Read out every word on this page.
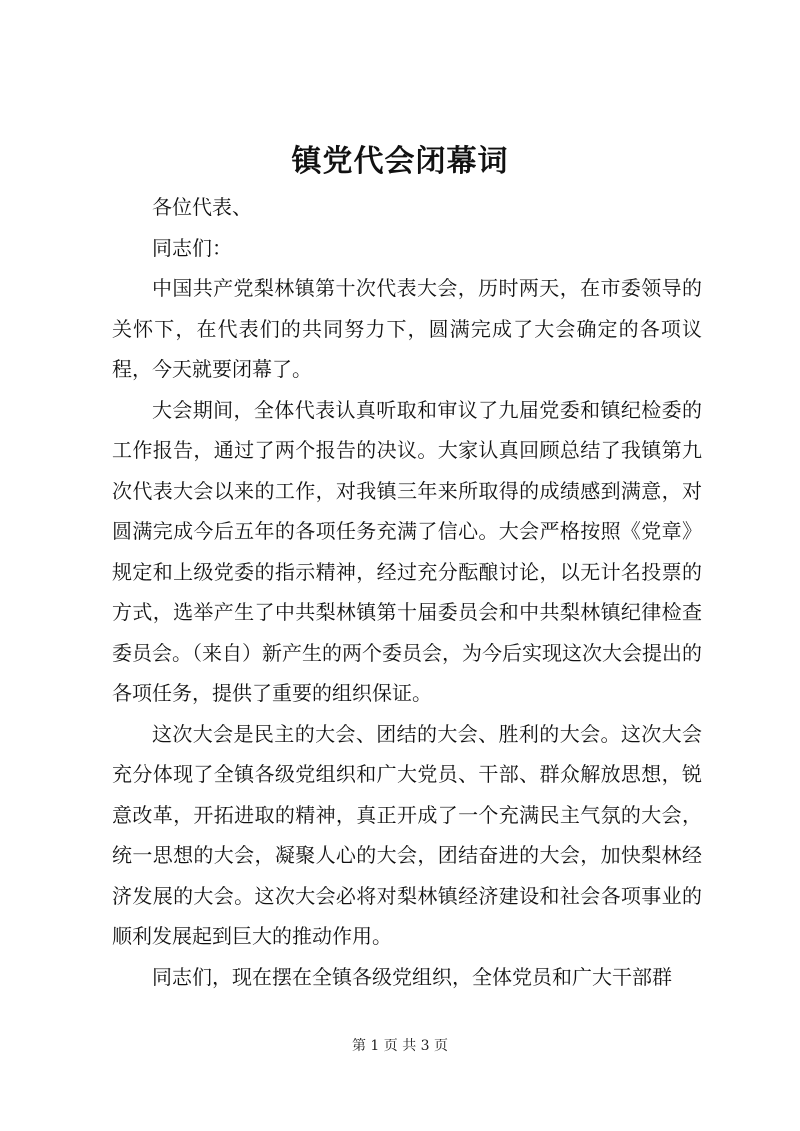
镇党代会闭幕词

各位代表、

同志们：

中国共产党梨林镇第十次代表大会，历时两天，在市委领导的关怀下，在代表们的共同努力下，圆满完成了大会确定的各项议程，今天就要闭幕了。

大会期间，全体代表认真听取和审议了九届党委和镇纪检委的工作报告，通过了两个报告的决议。大家认真回顾总结了我镇第九次代表大会以来的工作，对我镇三年来所取得的成绩感到满意，对圆满完成今后五年的各项任务充满了信心。大会严格按照《党章》规定和上级党委的指示精神，经过充分酝酿讨论，以无计名投票的方式，选举产生了中共梨林镇第十届委员会和中共梨林镇纪律检查委员会。（来自）新产生的两个委员会，为今后实现这次大会提出的各项任务，提供了重要的组织保证。

这次大会是民主的大会、团结的大会、胜利的大会。这次大会充分体现了全镇各级党组织和广大党员、干部、群众解放思想，锐意改革，开拓进取的精神，真正开成了一个充满民主气氛的大会，统一思想的大会，凝聚人心的大会，团结奋进的大会，加快梨林经济发展的大会。这次大会必将对梨林镇经济建设和社会各项事业的顺利发展起到巨大的推动作用。

同志们，现在摆在全镇各级党组织，全体党员和广大干部群

第 1 页 共 3 页
